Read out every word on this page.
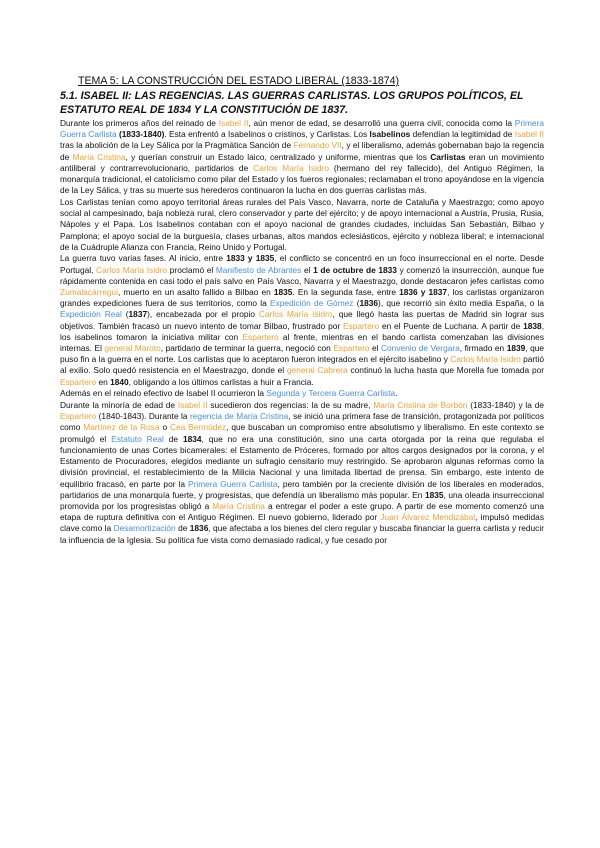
TEMA 5: LA CONSTRUCCIÓN DEL ESTADO LIBERAL (1833-1874)
5.1. ISABEL II: LAS REGENCIAS. LAS GUERRAS CARLISTAS. LOS GRUPOS POLÍTICOS, EL ESTATUTO REAL DE 1834 Y LA CONSTITUCIÓN DE 1837.

Durante los primeros años del reinado de Isabel II, aún menor de edad, se desarrolló una guerra civil, conocida como la Primera Guerra Carlista (1833-1840). Esta enfrentó a Isabelinos o cristinos, y Carlistas. Los Isabelinos defendían la legitimidad de Isabel II tras la abolición de la Ley Sálica por la Pragmática Sanción de Fernando VII, y el liberalismo, además gobernaban bajo la regencia de María Cristina, y querían construir un Estado laico, centralizado y uniforme, mientras que los Carlistas eran un movimiento antiliberal y contrarrevolucionario, partidarios de Carlos María Isidro (hermano del rey fallecido), del Antiguo Régimen, la monarquía tradicional, el catolicismo como pilar del Estado y los fueros regionales; reclamaban el trono apoyándose en la vigencia de la Ley Sálica, y tras su muerte sus herederos continuaron la lucha en dos guerras carlistas más.

Los Carlistas tenían como apoyo territorial áreas rurales del País Vasco, Navarra, norte de Cataluña y Maestrazgo; como apoyo social al campesinado, baja nobleza rural, clero conservador y parte del ejército; y de apoyo internacional a Austria, Prusia, Rusia, Nápoles y el Papa. Los Isabelinos contaban con el apoyo nacional de grandes ciudades, incluidas San Sebastián, Bilbao y Pamplona; el apoyo social de la burguesía, clases urbanas, altos mandos eclesiásticos, ejército y nobleza liberal; e internacional de la Cuádruple Alianza con Francia, Reino Unido y Portugal.

La guerra tuvo varias fases. Al inicio, entre 1833 y 1835, el conflicto se concentró en un foco insurreccional en el norte. Desde Portugal, Carlos María Isidro proclamó el Manifiesto de Abrantes el 1 de octubre de 1833 y comenzó la insurrección, aunque fue rápidamente contenida en casi todo el país salvo en País Vasco, Navarra y el Maestrazgo, donde destacaron jefes carlistas como Zumalacárregui, muerto en un asalto fallido a Bilbao en 1835. En la segunda fase, entre 1836 y 1837, los carlistas organizaron grandes expediciones fuera de sus territorios, como la Expedición de Gómez (1836), que recorrió sin éxito media España, o la Expedición Real (1837), encabezada por el propio Carlos María Isidro, que llegó hasta las puertas de Madrid sin lograr sus objetivos. También fracasó un nuevo intento de tomar Bilbao, frustrado por Espartero en el Puente de Luchana. A partir de 1838, los isabelinos tomaron la iniciativa militar con Espartero al frente, mientras en el bando carlista comenzaban las divisiones internas. El general Maroto, partidario de terminar la guerra, negoció con Espartero el Convenio de Vergara, firmado en 1839, que puso fin a la guerra en el norte. Los carlistas que lo aceptaron fueron integrados en el ejército isabelino y Carlos María Isidro partió al exilio. Solo quedó resistencia en el Maestrazgo, donde el general Cabrera continuó la lucha hasta que Morella fue tomada por Espartero en 1840, obligando a los últimos carlistas a huir a Francia.

Además en el reinado efectivo de Isabel II ocurrieron la Segunda y Tercera Guerra Carlista.

Durante la minoría de edad de Isabel II sucedieron dos regencias: la de su madre, María Cristina de Borbón (1833-1840) y la de Espartero (1840-1843). Durante la regencia de María Cristina, se inició una primera fase de transición, protagonizada por políticos como Martínez de la Rosa o Cea Bermúdez, que buscaban un compromiso entre absolutismo y liberalismo. En este contexto se promulgó el Estatuto Real de 1834, que no era una constitución, sino una carta otorgada por la reina que regulaba el funcionamiento de unas Cortes bicamerales: el Estamento de Próceres, formado por altos cargos designados por la corona, y el Estamento de Procuradores, elegidos mediante un sufragio censitario muy restringido. Se aprobaron algunas reformas como la división provincial, el restablecimiento de la Milicia Nacional y una limitada libertad de prensa. Sin embargo, este intento de equilibrio fracasó, en parte por la Primera Guerra Carlista, pero también por la creciente división de los liberales en moderados, partidarios de una monarquía fuerte, y progresistas, que defendía un liberalismo más popular. En 1835, una oleada insurreccional promovida por los progresistas obligó a María Cristina a entregar el poder a este grupo. A partir de ese momento comenzó una etapa de ruptura definitiva con el Antiguo Régimen. El nuevo gobierno, liderado por Juan Álvarez Mendizábal, impulsó medidas clave como la Desamortización de 1836, que afectaba a los bienes del clero regular y buscaba financiar la guerra carlista y reducir la influencia de la Iglesia. Su política fue vista como demasiado radical, y fue cesado por
